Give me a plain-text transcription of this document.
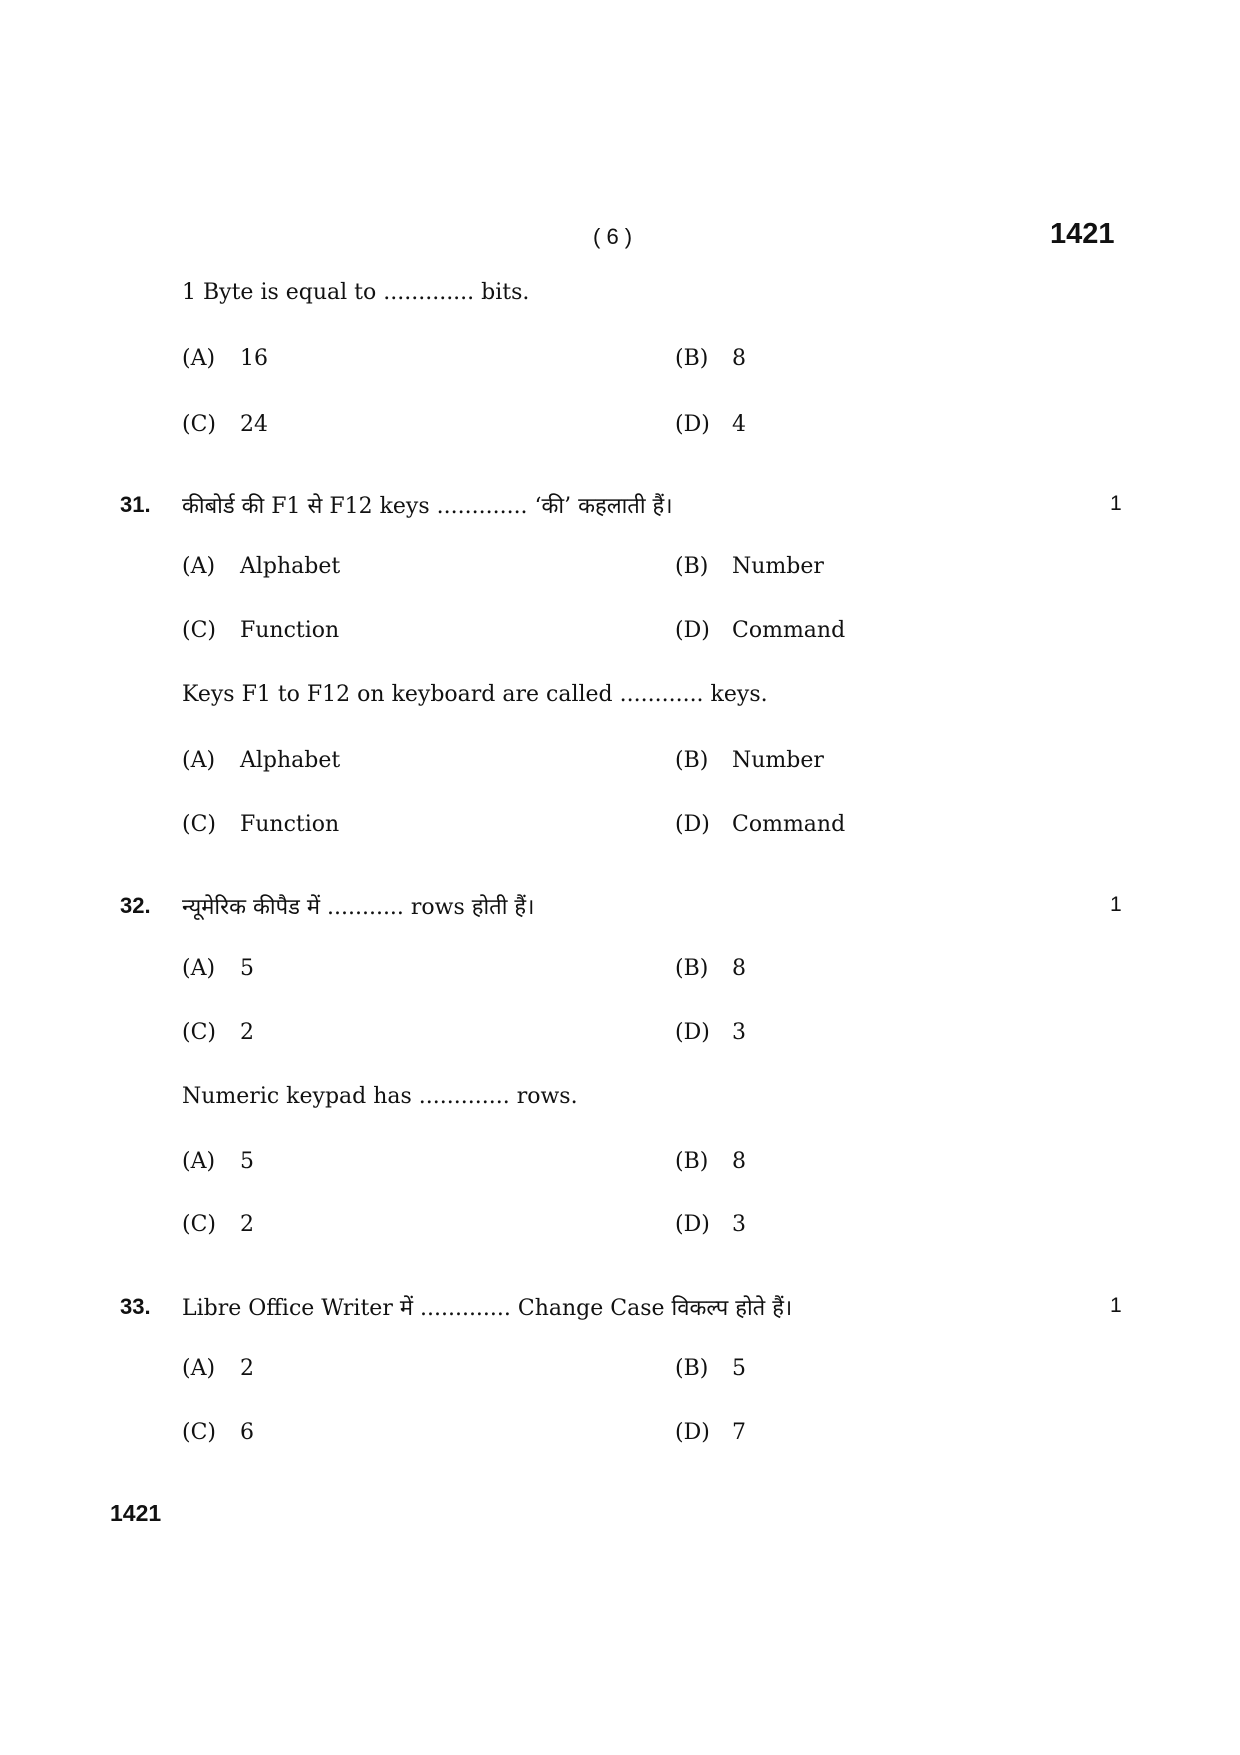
( 6 )	1421
1 Byte is equal to ............. bits.
(A) 16	(B) 8
(C) 24	(D) 4
31. कीबोर्ड की F1 से F12 keys ............. ‘की’ कहलाती हैं।	1
(A) Alphabet	(B) Number
(C) Function	(D) Command
Keys F1 to F12 on keyboard are called ............ keys.
(A) Alphabet	(B) Number
(C) Function	(D) Command
32. न्यूमेरिक कीपैड में ........... rows होती हैं।	1
(A) 5	(B) 8
(C) 2	(D) 3
Numeric keypad has ............. rows.
(A) 5	(B) 8
(C) 2	(D) 3
33. Libre Office Writer में ............. Change Case विकल्प होते हैं।	1
(A) 2	(B) 5
(C) 6	(D) 7
1421
